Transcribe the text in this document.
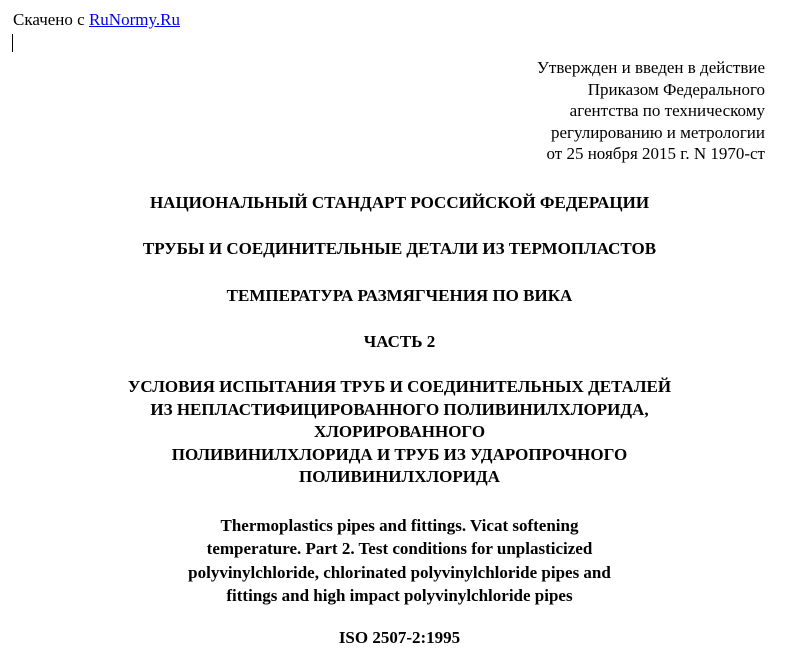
Скачено с RuNormy.Ru
Утвержден и введен в действие
Приказом Федерального
агентства по техническому
регулированию и метрологии
от 25 ноября 2015 г. N 1970-ст
НАЦИОНАЛЬНЫЙ СТАНДАРТ РОССИЙСКОЙ ФЕДЕРАЦИИ
ТРУБЫ И СОЕДИНИТЕЛЬНЫЕ ДЕТАЛИ ИЗ ТЕРМОПЛАСТОВ
ТЕМПЕРАТУРА РАЗМЯГЧЕНИЯ ПО ВИКА
ЧАСТЬ 2
УСЛОВИЯ ИСПЫТАНИЯ ТРУБ И СОЕДИНИТЕЛЬНЫХ ДЕТАЛЕЙ
ИЗ НЕПЛАСТИФИЦИРОВАННОГО ПОЛИВИНИЛХЛОРИДА,
ХЛОРИРОВАННОГО
ПОЛИВИНИЛХЛОРИДА И ТРУБ ИЗ УДАРОПРОЧНОГО
ПОЛИВИНИЛХЛОРИДА
Thermoplastics pipes and fittings. Vicat softening
temperature. Part 2. Test conditions for unplasticized
polyvinylchloride, chlorinated polyvinylchloride pipes and
fittings and high impact polyvinylchloride pipes
ISO 2507-2:1995
